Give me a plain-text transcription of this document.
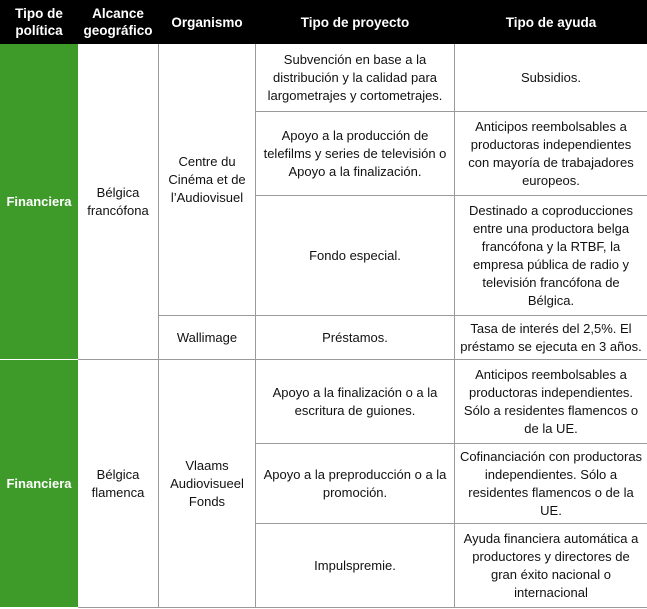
Tipo de política	Alcance geográfico	Organismo	Tipo de proyecto	Tipo de ayuda
Financiera	Bélgica francófona	Centre du Cinéma et de l’Audiovisuel	Subvención en base a la distribución y la calidad para largometrajes y cortometrajes.	Subsidios.
			Apoyo a la producción de telefilms y series de televisión o Apoyo a la finalización.	Anticipos reembolsables a productoras independientes con mayoría de trabajadores europeos.
			Fondo especial.	Destinado a coproducciones entre una productora belga francófona y la RTBF, la empresa pública de radio y televisión francófona de Bélgica.
		Wallimage	Préstamos.	Tasa de interés del 2,5%. El préstamo se ejecuta en 3 años.
Financiera	Bélgica flamenca	Vlaams Audiovisueel Fonds	Apoyo a la finalización o a la escritura de guiones.	Anticipos reembolsables a productoras independientes. Sólo a residentes flamencos o de la UE.
			Apoyo a la preproducción o a la promoción.	Cofinanciación con productoras independientes. Sólo a residentes flamencos o de la UE.
			Impulspremie.	Ayuda financiera automática a productores y directores de gran éxito nacional o internacional
